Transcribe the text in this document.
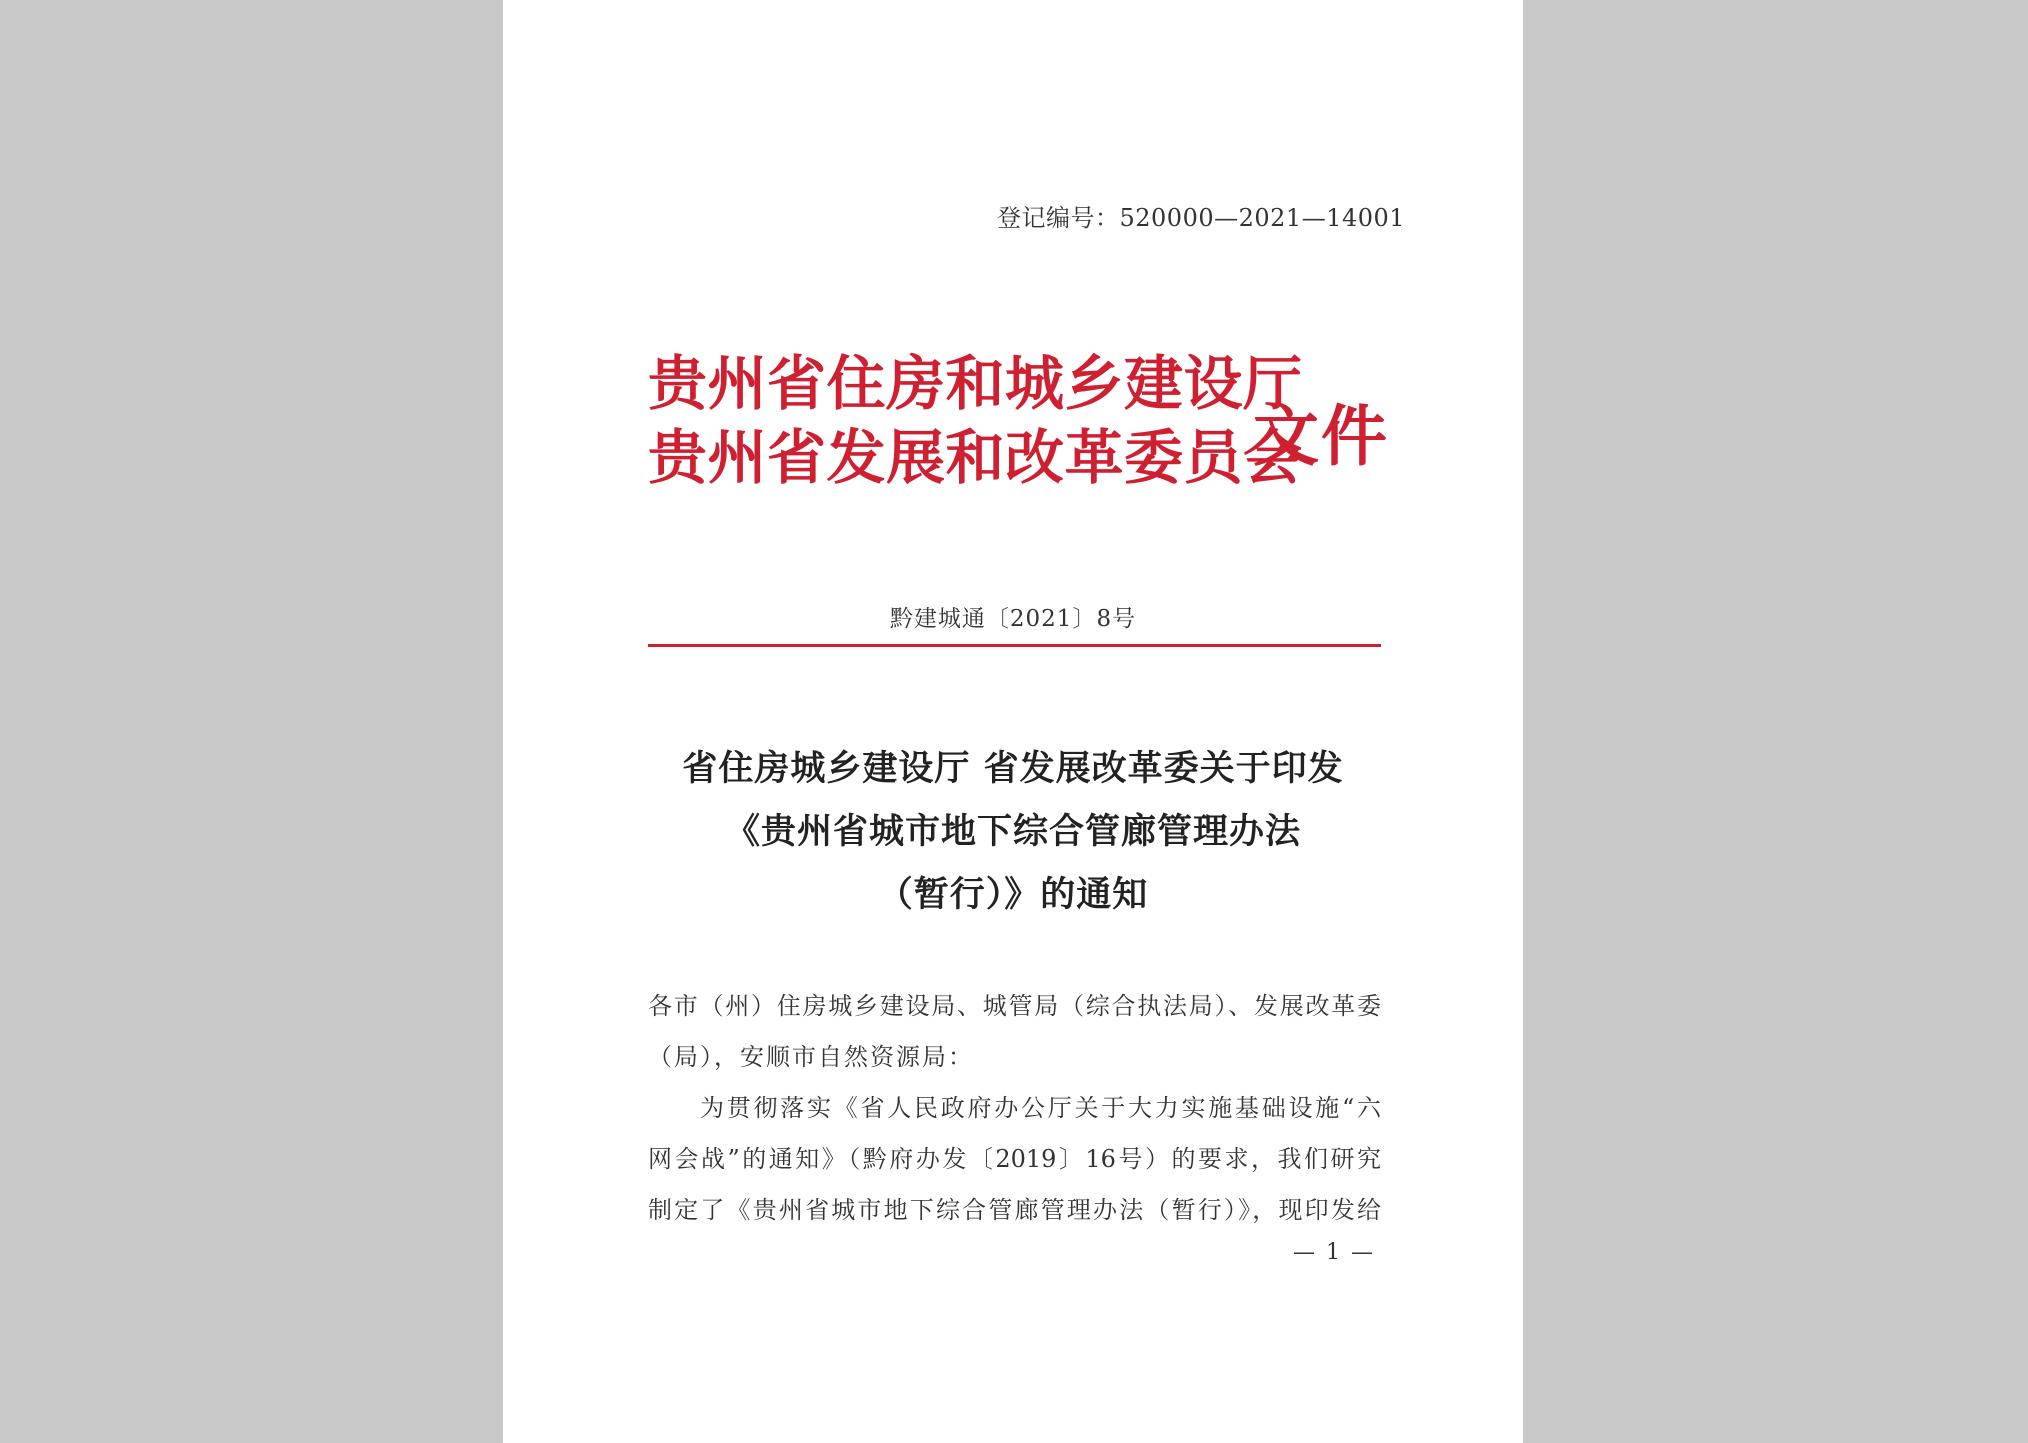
登记编号：520000—2021—14001
贵州省住房和城乡建设厅
贵州省发展和改革委员会
文件
黔建城通〔2021〕8号
省住房城乡建设厅 省发展改革委关于印发
《贵州省城市地下综合管廊管理办法
（暂行）》的通知
各市（州）住房城乡建设局、城管局（综合执法局）、发展改革委
（局），安顺市自然资源局：
为贯彻落实《省人民政府办公厅关于大力实施基础设施“六
网会战”的通知》（黔府办发〔2019〕16号）的要求，我们研究
制定了《贵州省城市地下综合管廊管理办法（暂行）》，现印发给
— 1 —
